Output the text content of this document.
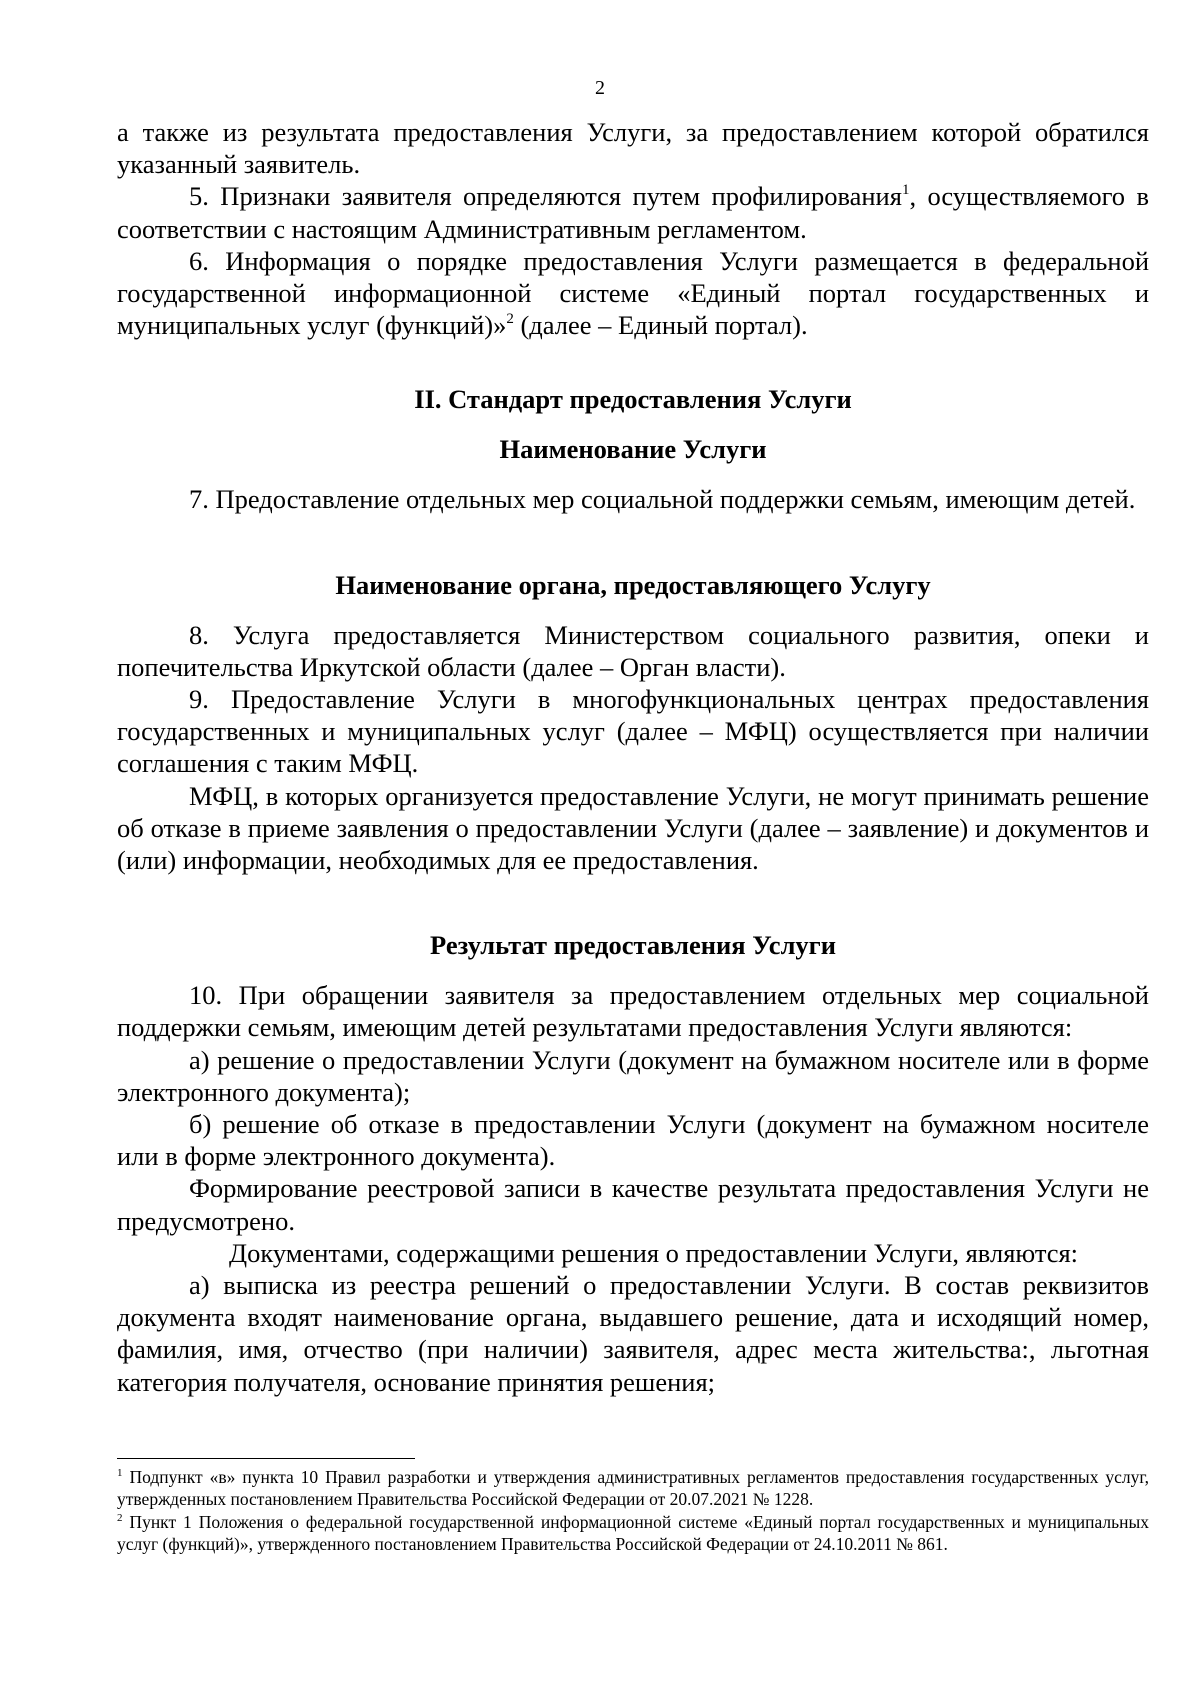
2

а также из результата предоставления Услуги, за предоставлением которой обратился указанный заявитель.

5. Признаки заявителя определяются путем профилирования$^1$, осуществляемого в соответствии с настоящим Административным регламентом.

6. Информация о порядке предоставления Услуги размещается в федеральной государственной информационной системе «Единый портал государственных и муниципальных услуг (функций)»$^2$ (далее – Единый портал).

II. Стандарт предоставления Услуги
Наименование Услуги

7. Предоставление отдельных мер социальной поддержки семьям, имеющим детей.

Наименование органа, предоставляющего Услугу

8. Услуга предоставляется Министерством социального развития, опеки и попечительства Иркутской области (далее – Орган власти).

9. Предоставление Услуги в многофункциональных центрах предоставления государственных и муниципальных услуг (далее – МФЦ) осуществляется при наличии соглашения с таким МФЦ.

МФЦ, в которых организуется предоставление Услуги, не могут принимать решение об отказе в приеме заявления о предоставлении Услуги (далее – заявление) и документов и (или) информации, необходимых для ее предоставления.

Результат предоставления Услуги

10. При обращении заявителя за предоставлением отдельных мер социальной поддержки семьям, имеющим детей результатами предоставления Услуги являются:

а) решение о предоставлении Услуги (документ на бумажном носителе или в форме электронного документа);

б) решение об отказе в предоставлении Услуги (документ на бумажном носителе или в форме электронного документа).

Формирование реестровой записи в качестве результата предоставления Услуги не предусмотрено.

Документами, содержащими решения о предоставлении Услуги, являются:

а) выписка из реестра решений о предоставлении Услуги. В состав реквизитов документа входят наименование органа, выдавшего решение, дата и исходящий номер, фамилия, имя, отчество (при наличии) заявителя, адрес места жительства:, льготная категория получателя, основание принятия решения;

$^1$ Подпункт «в» пункта 10 Правил разработки и утверждения административных регламентов предоставления государственных услуг, утвержденных постановлением Правительства Российской Федерации от 20.07.2021 № 1228.

$^2$ Пункт 1 Положения о федеральной государственной информационной системе «Единый портал государственных и муниципальных услуг (функций)», утвержденного постановлением Правительства Российской Федерации от 24.10.2011 № 861.
